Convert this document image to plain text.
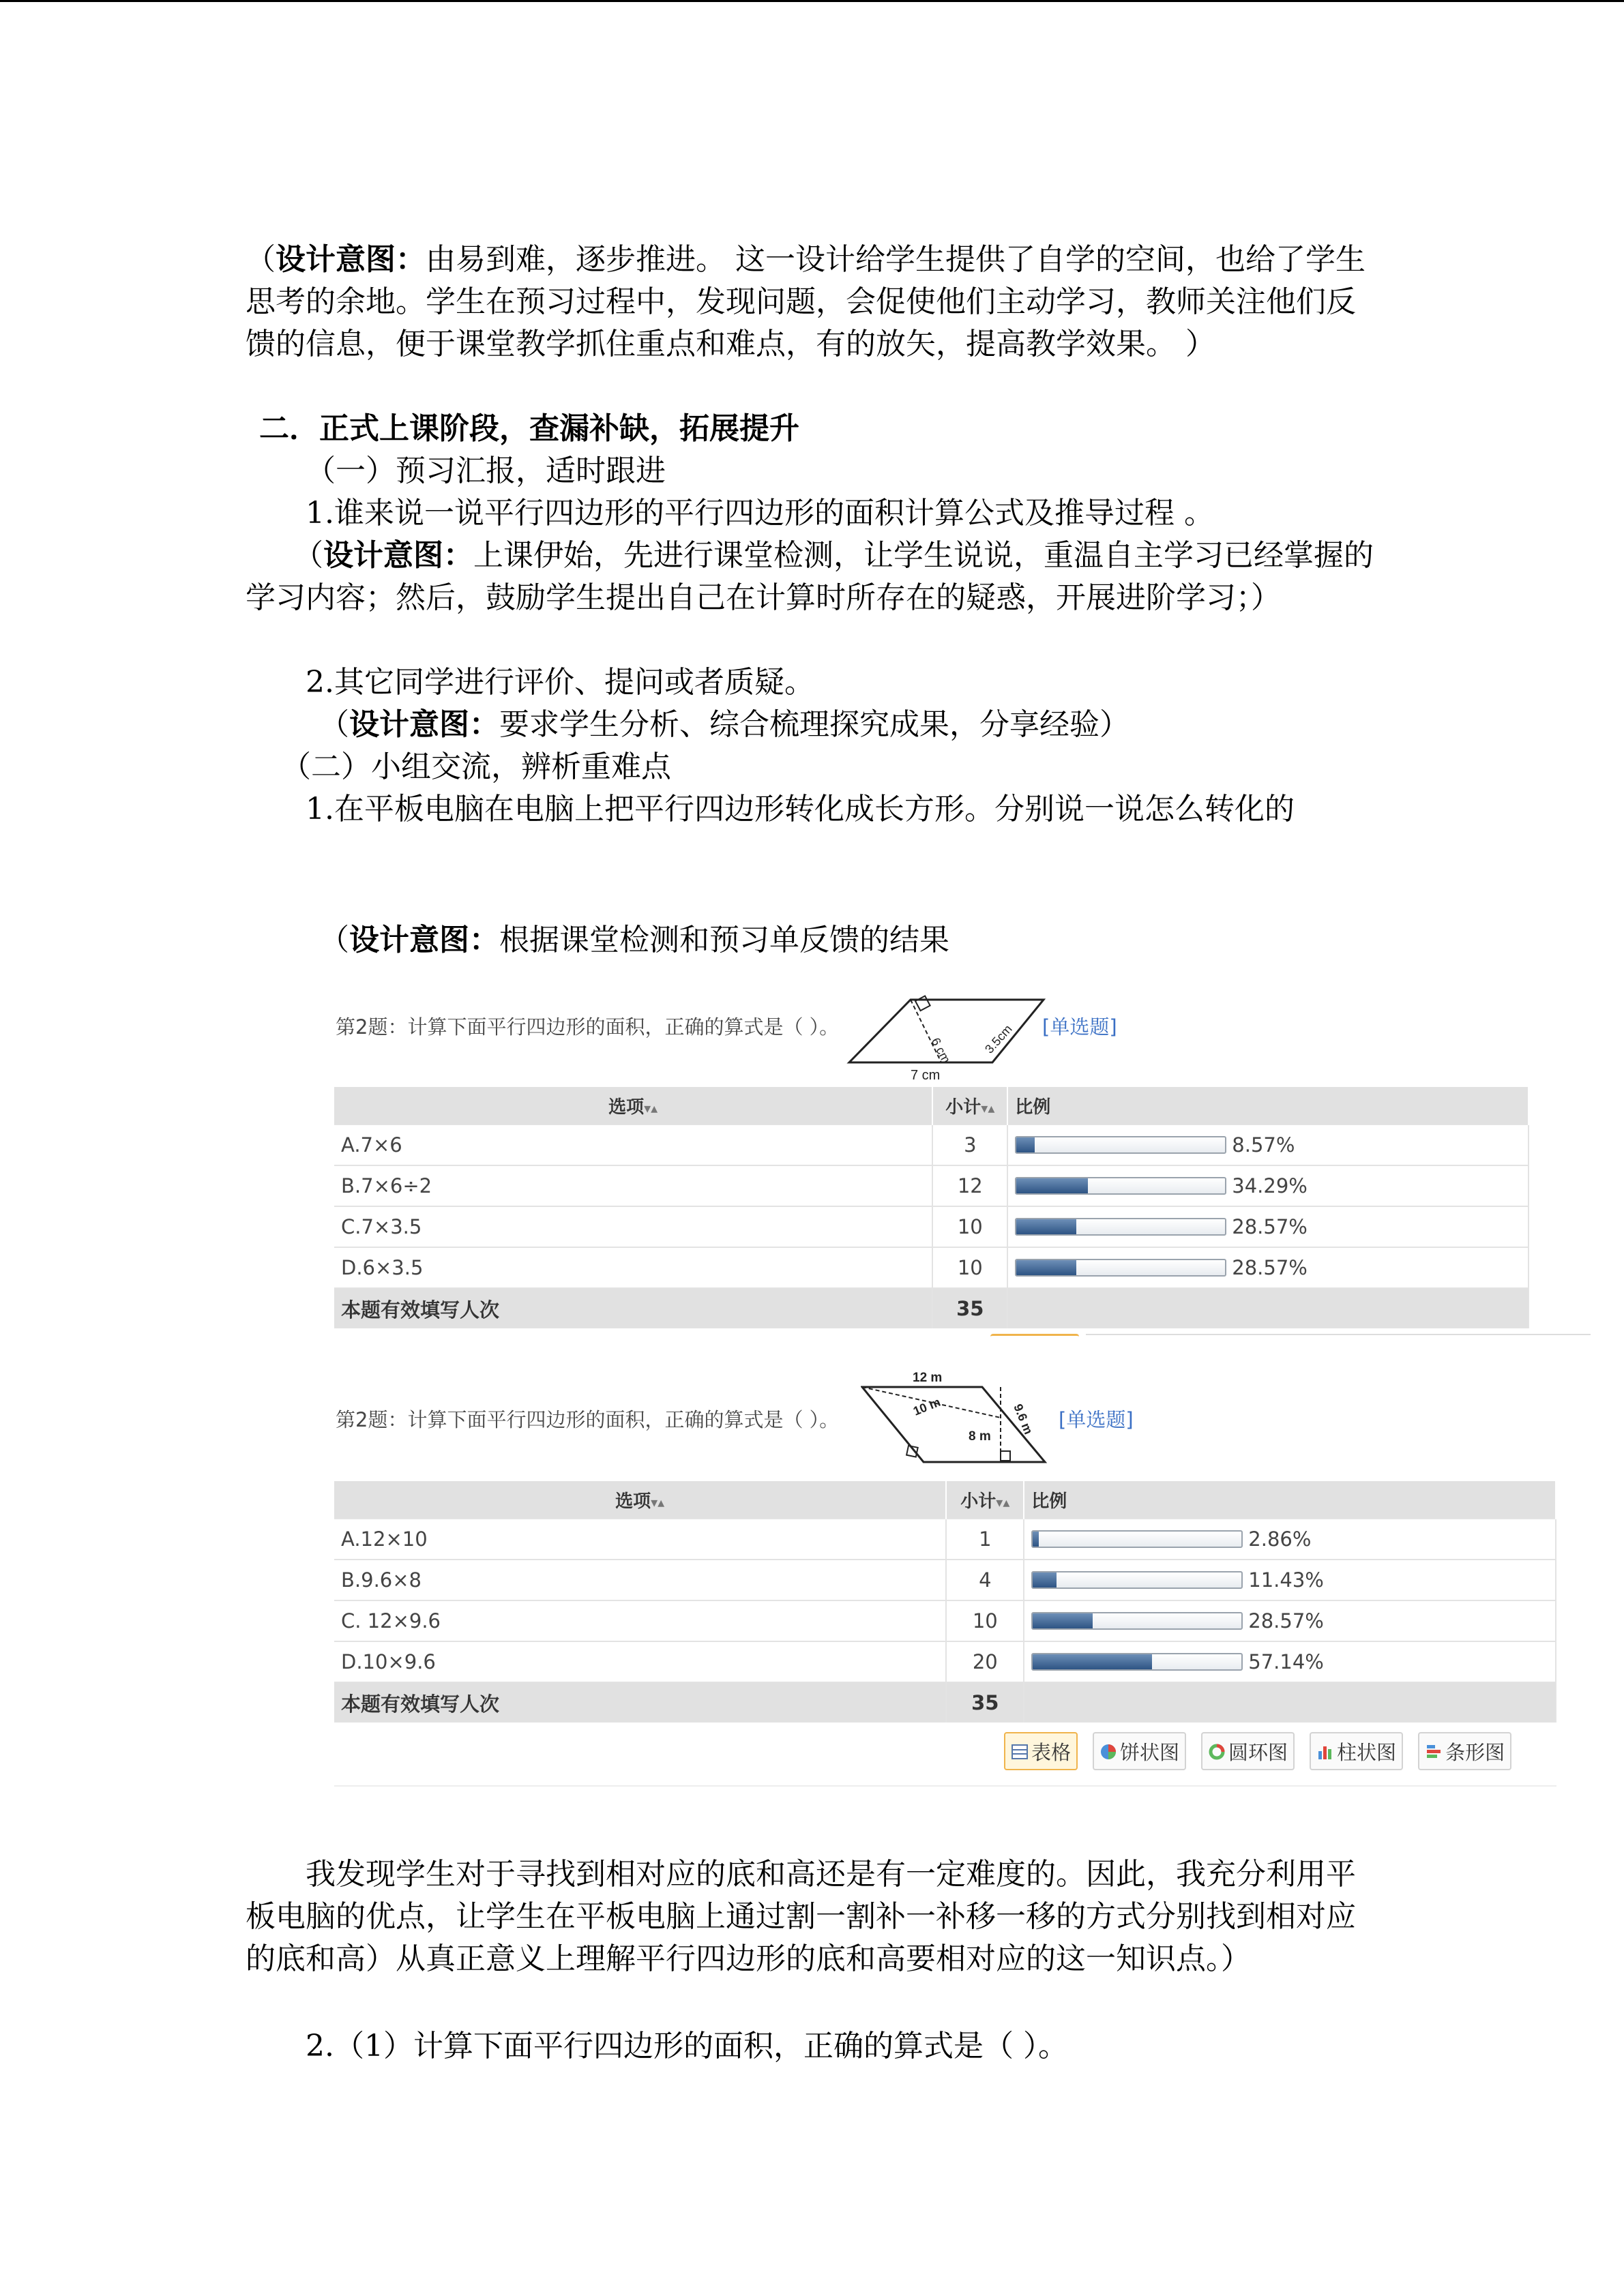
（设计意图：由易到难，逐步推进。 这一设计给学生提供了自学的空间，也给了学生思考的余地。学生在预习过程中，发现问题，会促使他们主动学习，教师关注他们反馈的信息，便于课堂教学抓住重点和难点，有的放矢，提高教学效果。 ）

二．正式上课阶段，查漏补缺，拓展提升

（一）预习汇报，适时跟进

1.谁来说一说平行四边形的平行四边形的面积计算公式及推导过程 。

（设计意图：上课伊始，先进行课堂检测，让学生说说，重温自主学习已经掌握的学习内容；然后，鼓励学生提出自己在计算时所存在的疑惑，开展进阶学习；）

2.其它同学进行评价、提问或者质疑。

（设计意图：要求学生分析、综合梳理探究成果，分享经验）

（二）小组交流，辨析重难点

1.在平板电脑在电脑上把平行四边形转化成长方形。分别说一说怎么转化的

（设计意图：根据课堂检测和预习单反馈的结果

第2题：计算下面平行四边形的面积，正确的算式是（ ）。
7 cm
6 cm 3.5cm [单选题]
选项▾▴	小计▾▴	比例
A.7×6	3	8.57%

B.7×6÷2	12	34.29%

C.7×3.5	10	28.57%

D.6×3.5	10	28.57%

本题有效填写人次	35	
第2题：计算下面平行四边形的面积，正确的算式是（ ）。
12 m
10 m	9.6 m
8 m
[单选题]
选项▾▴	小计▾▴	比例
A.12×10	1	2.86%

B.9.6×8	4	11.43%

C. 12×9.6	10	28.57%

D.10×9.6	20	57.14%

本题有效填写人次	35	
表格 饼状图 圆环图 柱状图 条形图

我发现学生对于寻找到相对应的底和高还是有一定难度的。因此，我充分利用平板电脑的优点，让学生在平板电脑上通过割一割补一补移一移的方式分别找到相对应的底和高）从真正意义上理解平行四边形的底和高要相对应的这一知识点。）

2.（1）计算下面平行四边形的面积，正确的算式是（ ）。
